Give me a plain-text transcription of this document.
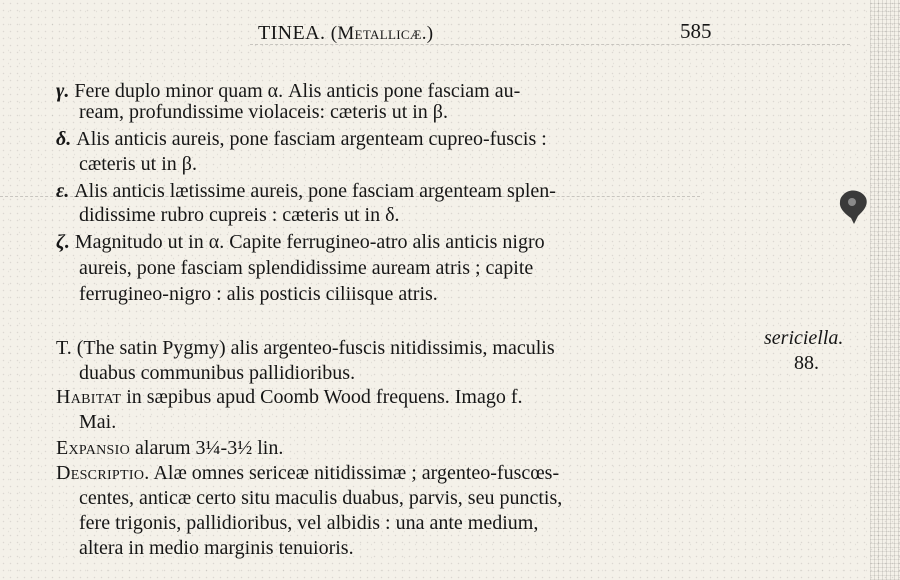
TINEA. (Metallicæ.)	585
γ. Fere duplo minor quam α. Alis anticis pone fasciam au-
ream, profundissime violaceis: cæteris ut in β.
δ. Alis anticis aureis, pone fasciam argenteam cupreo-fuscis :
cæteris ut in β.
ε. Alis anticis lætissime aureis, pone fasciam argenteam splen-
didissime rubro cupreis : cæteris ut in δ.
ζ. Magnitudo ut in α. Capite ferrugineo-atro alis anticis nigro
aureis, pone fasciam splendidissime auream atris ; capite
ferrugineo-nigro : alis posticis ciliisque atris.
T. (The satin Pygmy) alis argenteo-fuscis nitidissimis, maculis
duabus communibus pallidioribus.
sericiella.
88.
Habitat in sæpibus apud Coomb Wood frequens. Imago f.
Mai.
Expansio alarum 3¼-3½ lin.
Descriptio. Alæ omnes sericeæ nitidissimæ ; argenteo-fuscœs-
centes, anticæ certo situ maculis duabus, parvis, seu punctis,
fere trigonis, pallidioribus, vel albidis : una ante medium,
altera in medio marginis tenuioris.
